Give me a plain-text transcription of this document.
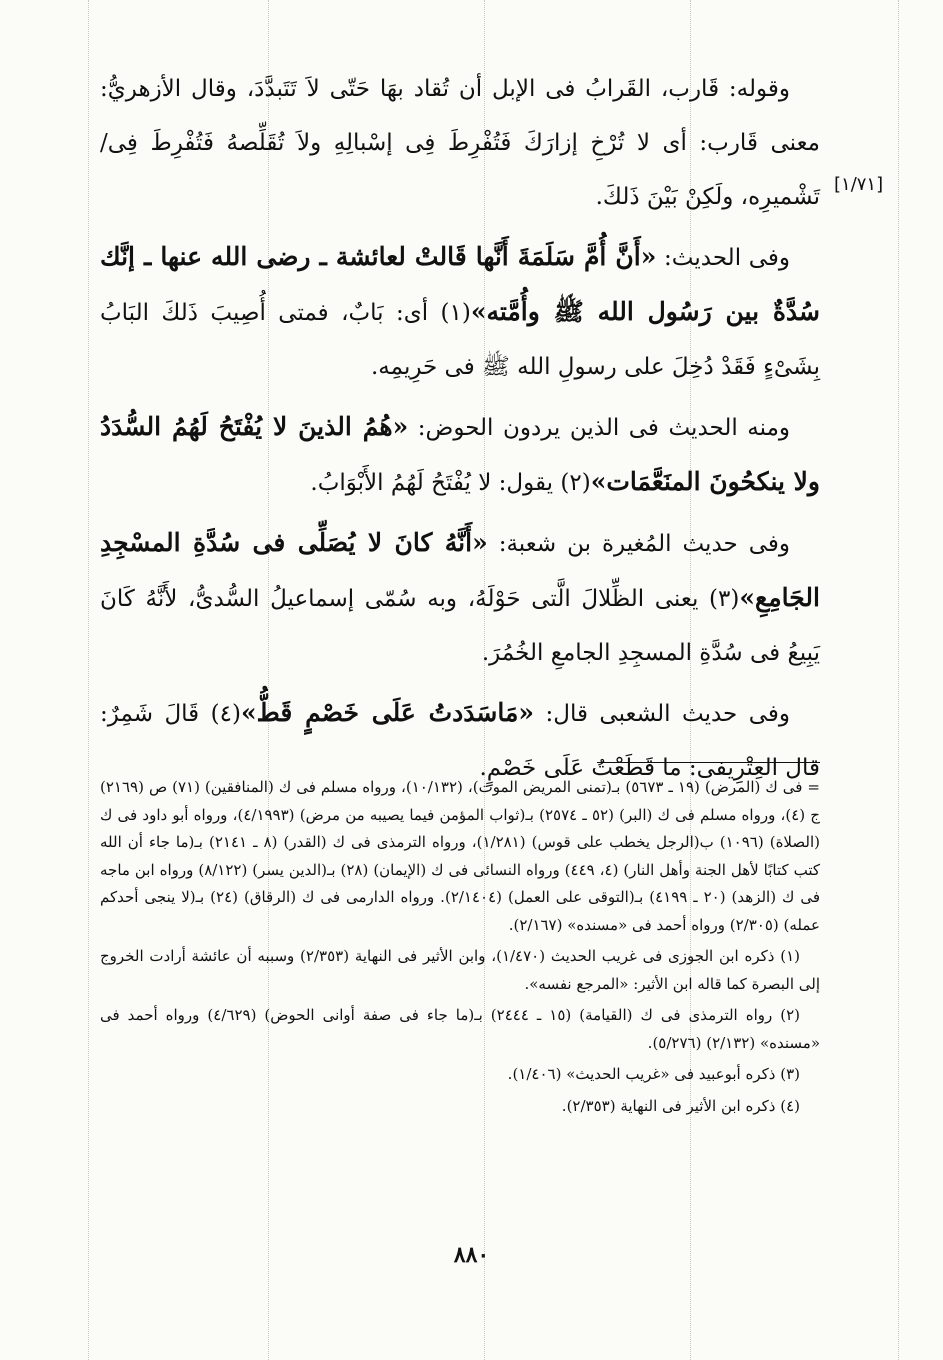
[١/٧١]

وقوله: قَارب، القَرابُ فى الإبل أن تُقاد بهَا حَتّى لاَ تَتَبدَّدَ، وقال الأزهريُّ: معنى قَارب: أى لا تُرْخِ إزارَكَ فَتُفْرِطَ فِى إسْبالِهِ ولاَ تُقَلِّصهُ فَتُفْرِطَ فِى/ تَشْميرِه، ولَكِنْ بَيْنَ ذَلكَ.

وفى الحديث: «أَنَّ أُمَّ سَلَمَةَ أَنَّها قَالتْ لعائشة ـ رضى الله عنها ـ إنَّك سُدَّةٌ بين رَسُول الله ﷺ وأُمَّته»(١) أى: بَابٌ، فمتى أُصِيبَ ذَلكَ البَابُ بِشَىْءٍ فَقَدْ دُخِلَ على رسولِ الله ﷺ فى حَرِيمِه.

ومنه الحديث فى الذين يردون الحوض: «هُمُ الذينَ لا يُفْتَحُ لَهُمُ السُّدَدُ ولا ينكحُونَ المنَعَّمَات»(٢) يقول: لا يُفْتَحُ لَهُمُ الأَبْوَابُ.

وفى حديث المُغيرة بن شعبة: «أَنَّهُ كانَ لا يُصَلِّى فى سُدَّةِ المسْجِدِ الجَامِعِ»(٣) يعنى الظِّلالَ الَّتى حَوْلَهُ، وبه سُمّى إسماعيلُ السُّدىُّ، لأَنَّهُ كَانَ يَبِيعُ فى سُدَّةِ المسجِدِ الجامعِ الخُمُرَ.

وفى حديث الشعبى قال: «مَاسَدَدتُ عَلَى خَصْمٍ قَطُّ»(٤) قَالَ شَمِرٌ: قال العِتْرِيفى: ما قَطَعْتُ عَلَى خَصْمٍ.

= فى ك (المرض) (١٩ ـ ٥٦٧٣) بـ(تمنى المريض الموت)، (١٠/١٣٢)، ورواه مسلم فى ك (المنافقين) (٧١) ص (٢١٦٩) ج (٤)، ورواه مسلم فى ك (البر) (٥٢ ـ ٢٥٧٤) بـ(ثواب المؤمن فيما يصيبه من مرض) (٤/١٩٩٣)، ورواه أبو داود فى ك (الصلاة) (١٠٩٦) ب(الرجل يخطب على قوس) (١/٢٨١)، ورواه الترمذى فى ك (القدر) (٨ ـ ٢١٤١) بـ(ما جاء أن الله كتب كتابًا لأهل الجنة وأهل النار) (٤، ٤٤٩) ورواه النسائى فى ك (الإيمان) (٢٨) بـ(الدين يسر) (٨/١٢٢) ورواه ابن ماجه فى ك (الزهد) (٢٠ ـ ٤١٩٩) بـ(التوقى على العمل) (٢/١٤٠٤). ورواه الدارمى فى ك (الرقاق) (٢٤) بـ(لا ينجى أحدكم عمله) (٢/٣٠٥) ورواه أحمد فى «مسنده» (٢/١٦٧).

(١) ذكره ابن الجوزى فى غريب الحديث (١/٤٧٠)، وابن الأثير فى النهاية (٢/٣٥٣) وسببه أن عائشة أرادت الخروج إلى البصرة كما قاله ابن الأثير: «المرجع نفسه».

(٢) رواه الترمذى فى ك (القيامة) (١٥ ـ ٢٤٤٤) بـ(ما جاء فى صفة أوانى الحوض) (٤/٦٢٩) ورواه أحمد فى «مسنده» (٢/١٣٢) (٥/٢٧٦).

(٣) ذكره أبوعبيد فى «غريب الحديث» (١/٤٠٦).

(٤) ذكره ابن الأثير فى النهاية (٢/٣٥٣).

٨٨٠
